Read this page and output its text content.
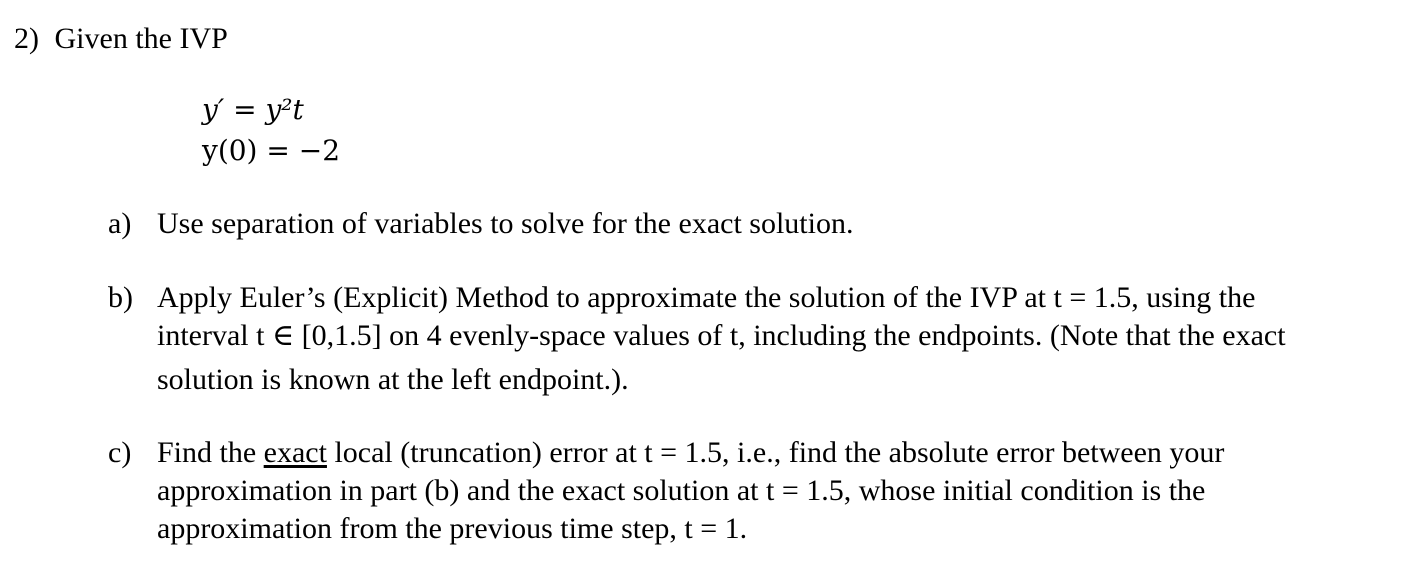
2) Given the IVP
y′ = y²t
y(0) = −2
a) Use separation of variables to solve for the exact solution.
b) Apply Euler’s (Explicit) Method to approximate the solution of the IVP at t = 1.5, using the
interval t ∈ [0,1.5] on 4 evenly-space values of t, including the endpoints. (Note that the exact
solution is known at the left endpoint.).
c) Find the exact local (truncation) error at t = 1.5, i.e., find the absolute error between your
approximation in part (b) and the exact solution at t = 1.5, whose initial condition is the
approximation from the previous time step, t = 1.
